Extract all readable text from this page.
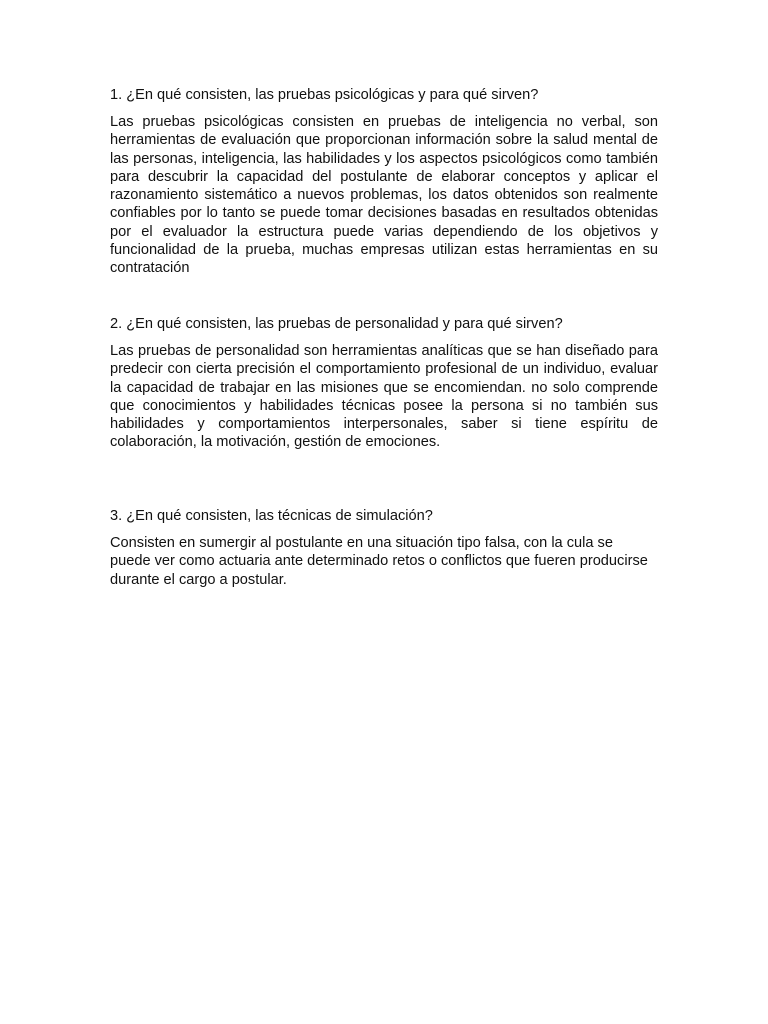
1. ¿En qué consisten, las pruebas psicológicas y para qué sirven?

Las pruebas psicológicas consisten en pruebas de inteligencia no verbal, son herramientas de evaluación que proporcionan información sobre la salud mental de las personas, inteligencia, las habilidades y los aspectos psicológicos como también para descubrir la capacidad del postulante de elaborar conceptos y aplicar el razonamiento sistemático a nuevos problemas, los datos obtenidos son realmente confiables por lo tanto se puede tomar decisiones basadas en resultados obtenidas por el evaluador la estructura puede varias dependiendo de los objetivos y funcionalidad de la prueba, muchas empresas utilizan estas herramientas en su contratación

2. ¿En qué consisten, las pruebas de personalidad y para qué sirven?

Las pruebas de personalidad son herramientas analíticas que se han diseñado para predecir con cierta precisión el comportamiento profesional de un individuo, evaluar la capacidad de trabajar en las misiones que se encomiendan. no solo comprende que conocimientos y habilidades técnicas posee la persona si no también sus habilidades y comportamientos interpersonales, saber si tiene espíritu de colaboración, la motivación, gestión de emociones.

3. ¿En qué consisten, las técnicas de simulación?

Consisten en sumergir al postulante en una situación tipo falsa, con la cula se puede ver como actuaria ante determinado retos o conflictos que fueren producirse durante el cargo a postular.
